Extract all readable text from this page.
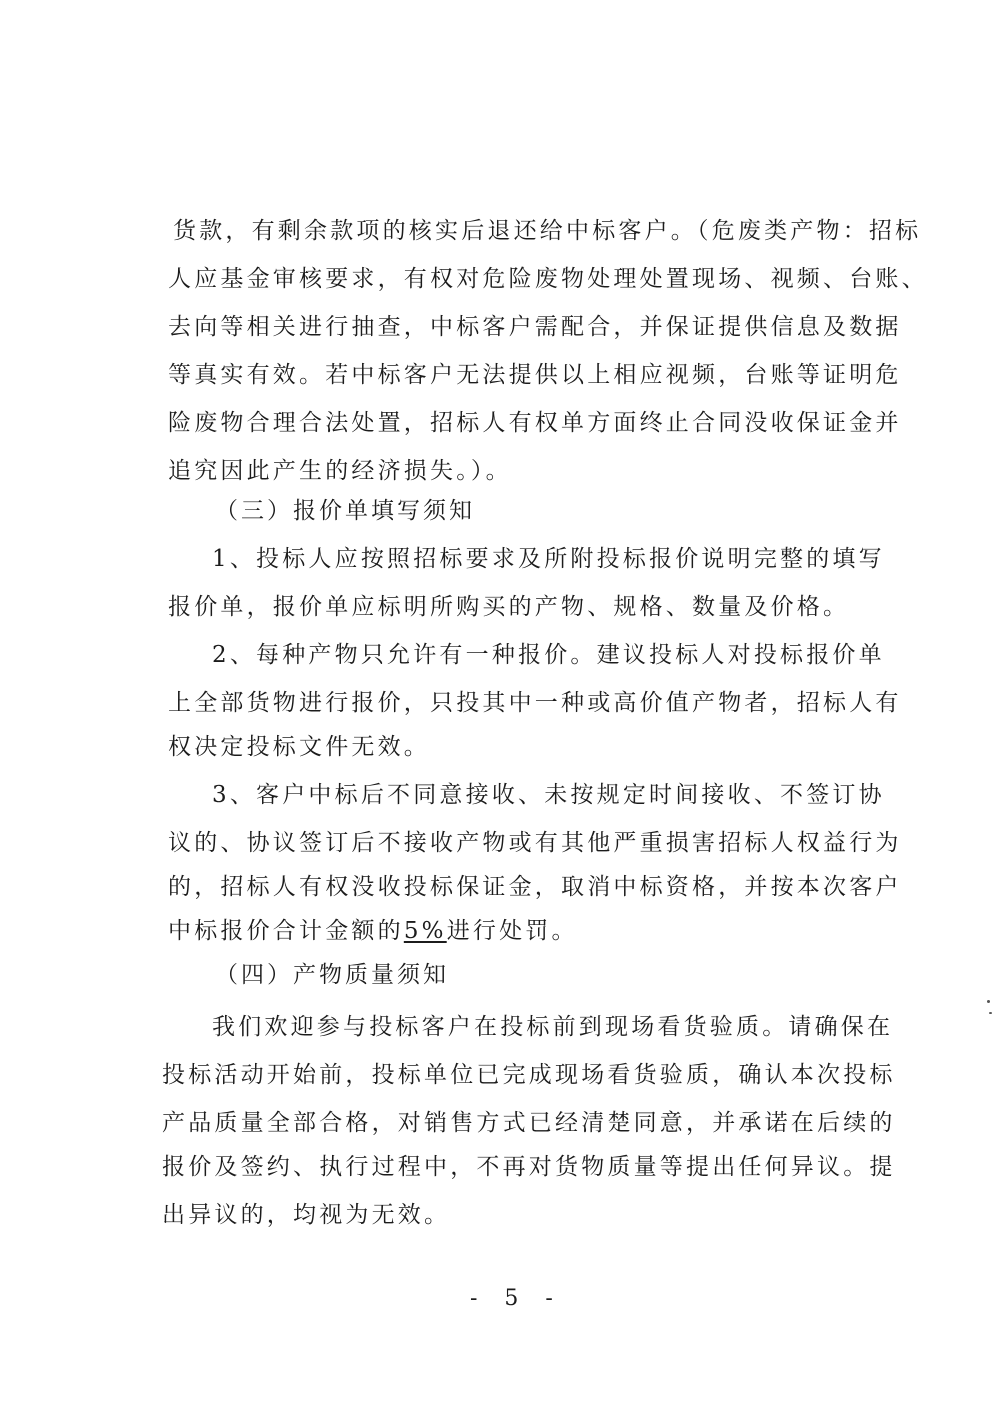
货款，有剩余款项的核实后退还给中标客户。（危废类产物：招标
人应基金审核要求，有权对危险废物处理处置现场、视频、台账、
去向等相关进行抽查，中标客户需配合，并保证提供信息及数据
等真实有效。若中标客户无法提供以上相应视频，台账等证明危
险废物合理合法处置，招标人有权单方面终止合同没收保证金并
追究因此产生的经济损失。）。
（三）报价单填写须知
1、投标人应按照招标要求及所附投标报价说明完整的填写
报价单，报价单应标明所购买的产物、规格、数量及价格。
2、每种产物只允许有一种报价。建议投标人对投标报价单
上全部货物进行报价，只投其中一种或高价值产物者，招标人有
权决定投标文件无效。
3、客户中标后不同意接收、未按规定时间接收、不签订协
议的、协议签订后不接收产物或有其他严重损害招标人权益行为
的，招标人有权没收投标保证金，取消中标资格，并按本次客户
中标报价合计金额的5%进行处罚。
（四）产物质量须知
我们欢迎参与投标客户在投标前到现场看货验质。请确保在
投标活动开始前，投标单位已完成现场看货验质，确认本次投标
产品质量全部合格，对销售方式已经清楚同意，并承诺在后续的
报价及签约、执行过程中，不再对货物质量等提出任何异议。提
出异议的，均视为无效。
- 5 -
